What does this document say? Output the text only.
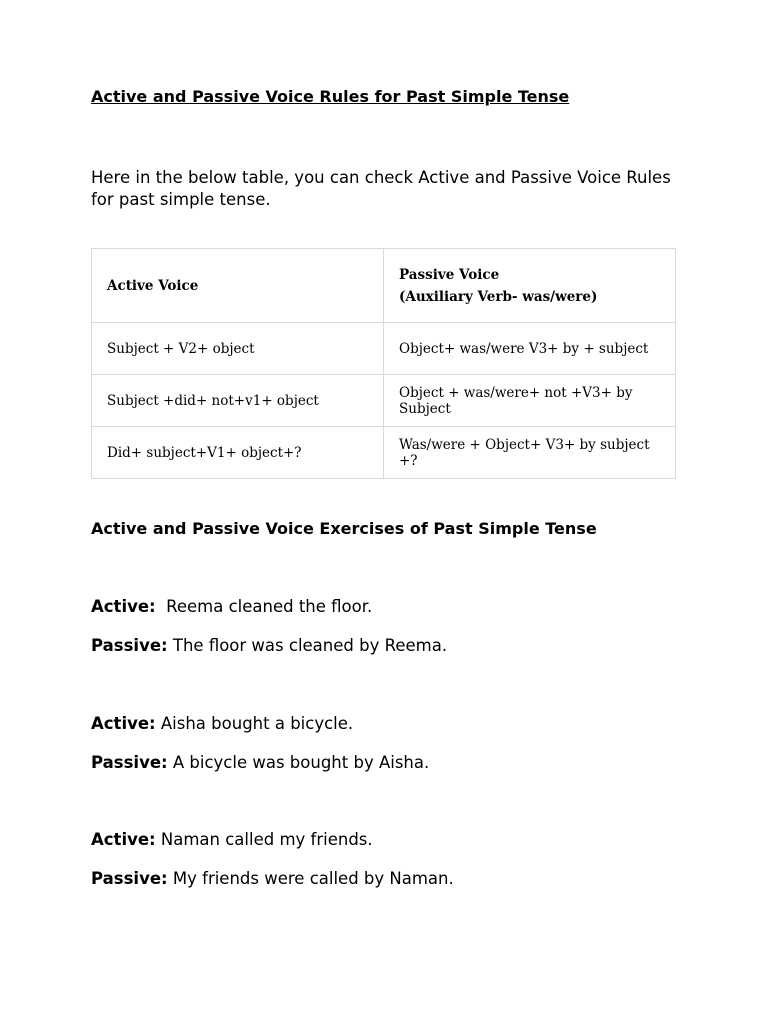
Active and Passive Voice Rules for Past Simple Tense
Here in the below table, you can check Active and Passive Voice Rules for past simple tense.
Active Voice	Passive Voice
(Auxiliary Verb- was/were)

Subject + V2+ object	Object+ was/were V3+ by + subject
Subject +did+ not+v1+ object	Object + was/were+ not +V3+ by Subject
Did+ subject+V1+ object+?	Was/were + Object+ V3+ by subject +?
Active and Passive Voice Exercises of Past Simple Tense
Active:  Reema cleaned the floor.
Passive: The floor was cleaned by Reema.
Active: Aisha bought a bicycle.
Passive: A bicycle was bought by Aisha.
Active: Naman called my friends.
Passive: My friends were called by Naman.
